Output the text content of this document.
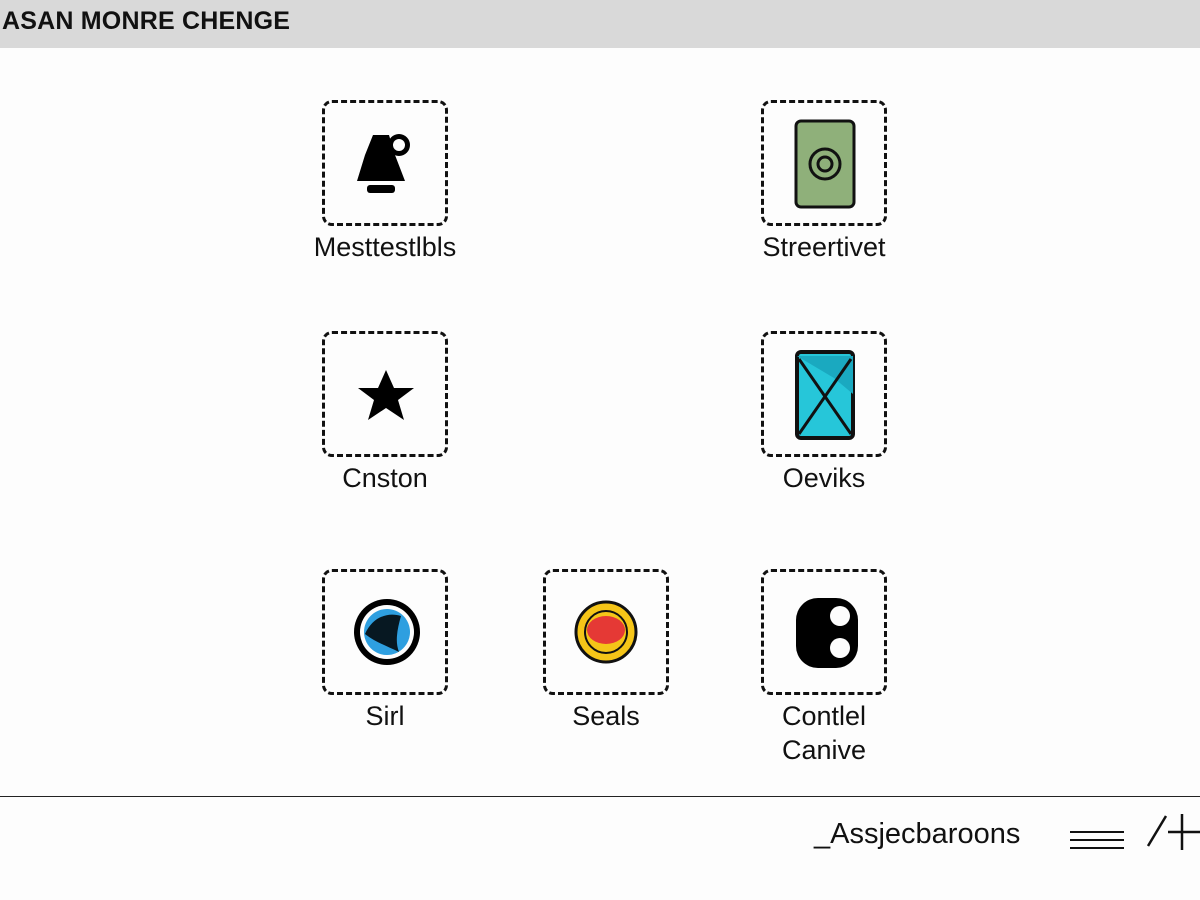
ASAN MONRE CHENGE
Mesttestlbls	Streertivet
Cnston	Oeviks
Sirl	Seals	Contlel
Canive
_Assjecbaroons
